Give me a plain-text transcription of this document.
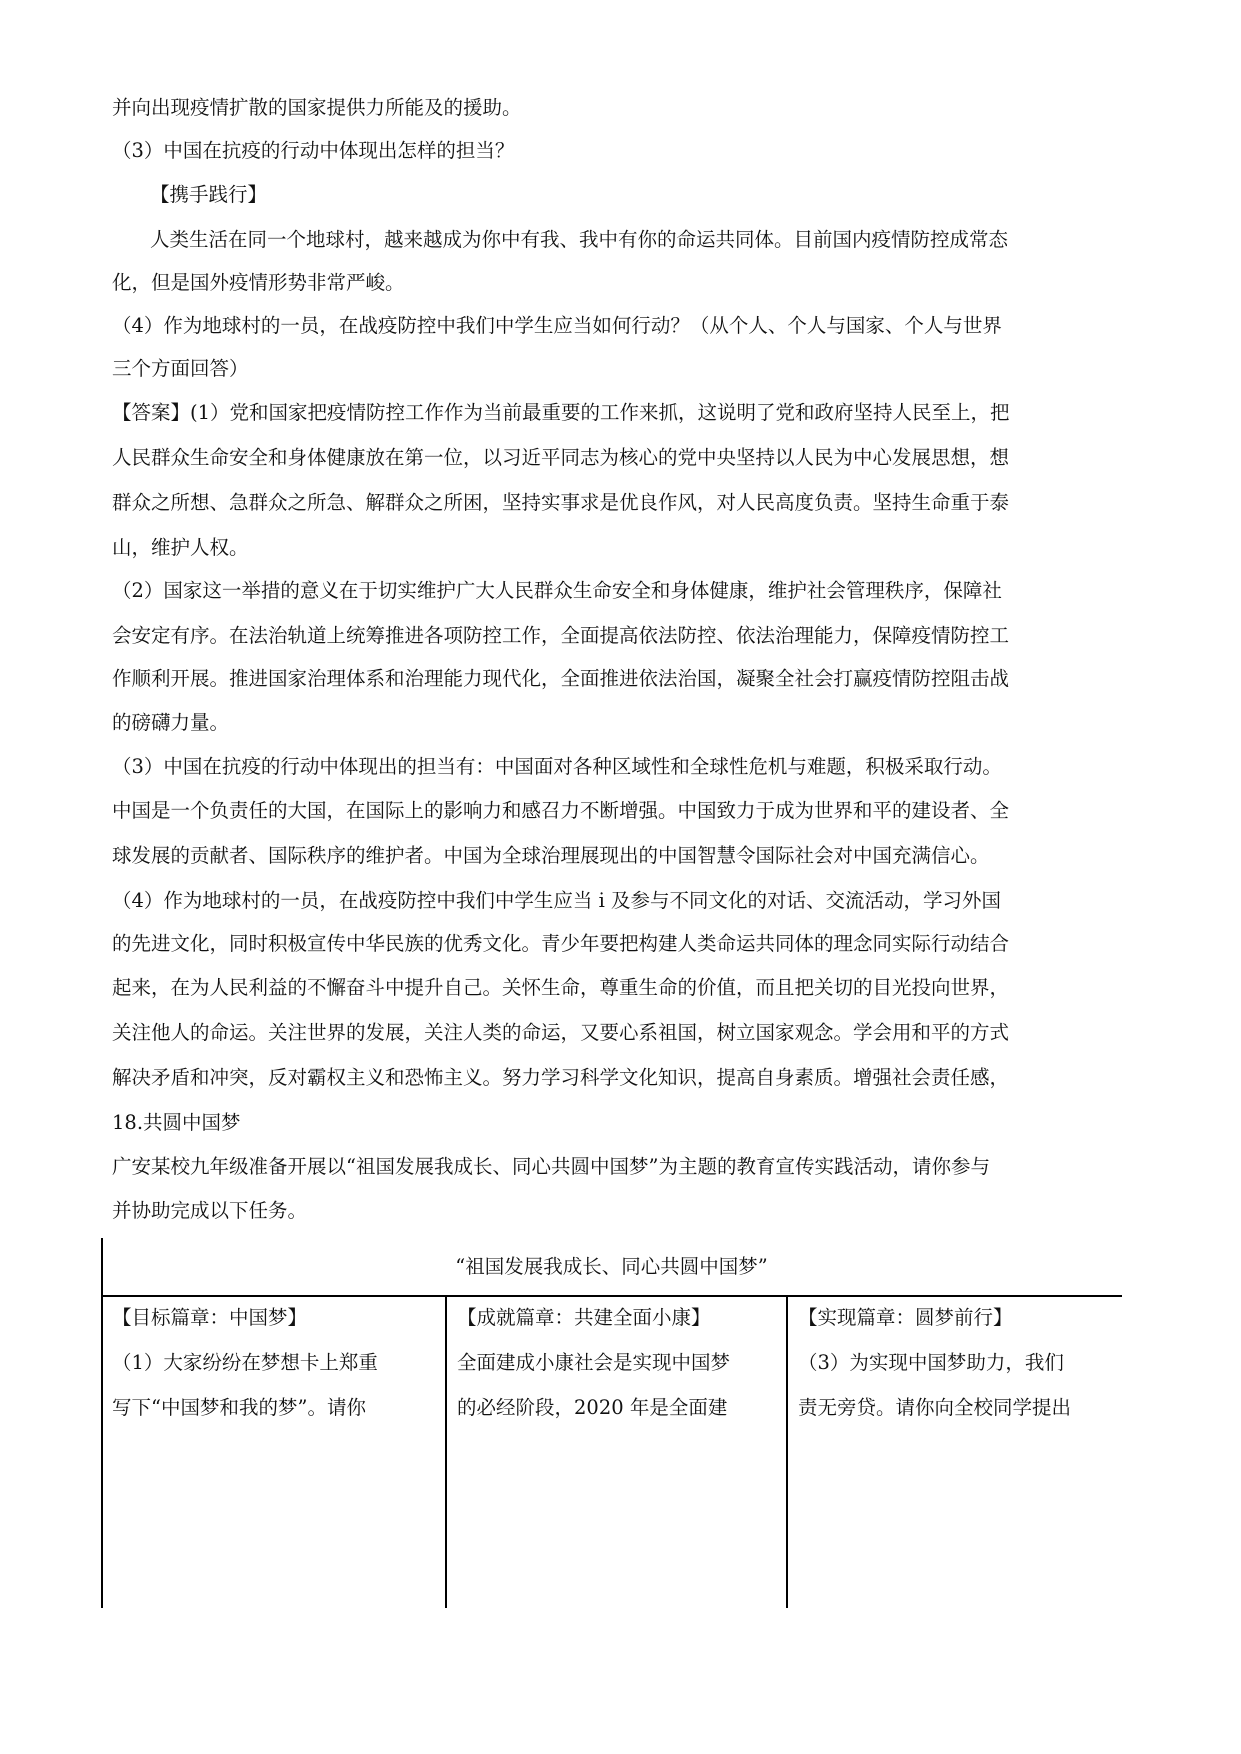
并向出现疫情扩散的国家提供力所能及的援助。
（3）中国在抗疫的行动中体现出怎样的担当？
【携手践行】
人类生活在同一个地球村，越来越成为你中有我、我中有你的命运共同体。目前国内疫情防控成常态
化，但是国外疫情形势非常严峻。
（4）作为地球村的一员，在战疫防控中我们中学生应当如何行动？（从个人、个人与国家、个人与世界
三个方面回答）
【答案】(1）党和国家把疫情防控工作作为当前最重要的工作来抓，这说明了党和政府坚持人民至上，把
人民群众生命安全和身体健康放在第一位，以习近平同志为核心的党中央坚持以人民为中心发展思想，想
群众之所想、急群众之所急、解群众之所困，坚持实事求是优良作风，对人民高度负责。坚持生命重于泰
山，维护人权。
（2）国家这一举措的意义在于切实维护广大人民群众生命安全和身体健康，维护社会管理秩序，保障社
会安定有序。在法治轨道上统筹推进各项防控工作，全面提高依法防控、依法治理能力，保障疫情防控工
作顺利开展。推进国家治理体系和治理能力现代化，全面推进依法治国，凝聚全社会打赢疫情防控阻击战
的磅礴力量。
（3）中国在抗疫的行动中体现出的担当有：中国面对各种区域性和全球性危机与难题，积极采取行动。
中国是一个负责任的大国，在国际上的影响力和感召力不断增强。中国致力于成为世界和平的建设者、全
球发展的贡献者、国际秩序的维护者。中国为全球治理展现出的中国智慧令国际社会对中国充满信心。
（4）作为地球村的一员，在战疫防控中我们中学生应当 i 及参与不同文化的对话、交流活动，学习外国
的先进文化，同时积极宣传中华民族的优秀文化。青少年要把构建人类命运共同体的理念同实际行动结合
起来，在为人民利益的不懈奋斗中提升自己。关怀生命，尊重生命的价值，而且把关切的目光投向世界，
关注他人的命运。关注世界的发展，关注人类的命运，又要心系祖国，树立国家观念。学会用和平的方式
解决矛盾和冲突，反对霸权主义和恐怖主义。努力学习科学文化知识，提高自身素质。增强社会责任感，
18.共圆中国梦
广安某校九年级准备开展以“祖国发展我成长、同心共圆中国梦”为主题的教育宣传实践活动，请你参与
并协助完成以下任务。
“祖国发展我成长、同心共圆中国梦”
【目标篇章：中国梦】
（1）大家纷纷在梦想卡上郑重
写下“中国梦和我的梦”。请你
【成就篇章：共建全面小康】
全面建成小康社会是实现中国梦
的必经阶段，2020 年是全面建
【实现篇章：圆梦前行】
（3）为实现中国梦助力，我们
责无旁贷。请你向全校同学提出
